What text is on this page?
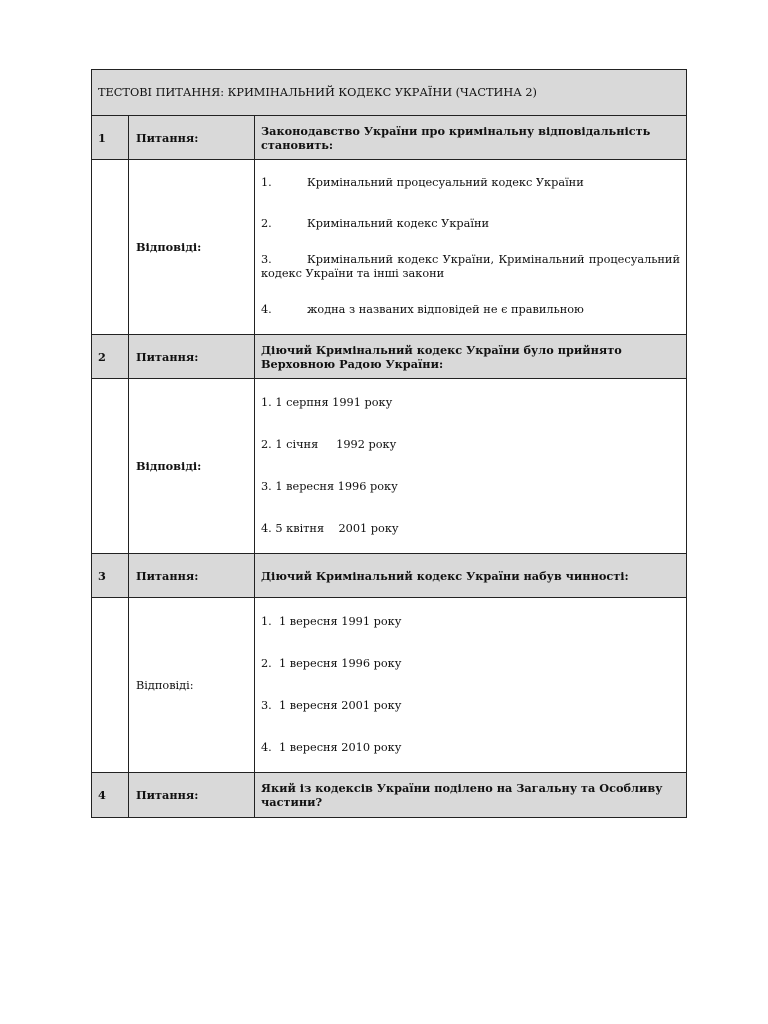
ТЕСТОВІ ПИТАННЯ: КРИМІНАЛЬНИЙ КОДЕКС УКРАЇНИ (ЧАСТИНА 2)
1	Питання:	Законодавство України про кримінальну відповідальність становить:
Відповіді:
1.	Кримінальний процесуальний кодекс України
2.	Кримінальний кодекс України
3.	Кримінальний кодекс України, Кримінальний процесуальний кодекс України та інші закони
4.	жодна з названих відповідей не є правильною
2	Питання:	Діючий Кримінальний кодекс України було прийнято Верховною Радою України:
Відповіді:
1. 1 серпня 1991 року
2. 1 січня     1992 року
3. 1 вересня 1996 року
4. 5 квітня    2001 року
3	Питання:	Діючий Кримінальний кодекс України набув чинності:
Відповіді:
1.  1 вересня 1991 року
2.  1 вересня 1996 року
3.  1 вересня 2001 року
4.  1 вересня 2010 року
4	Питання:	Який із кодексів України поділено на Загальну та Особливу частини?
